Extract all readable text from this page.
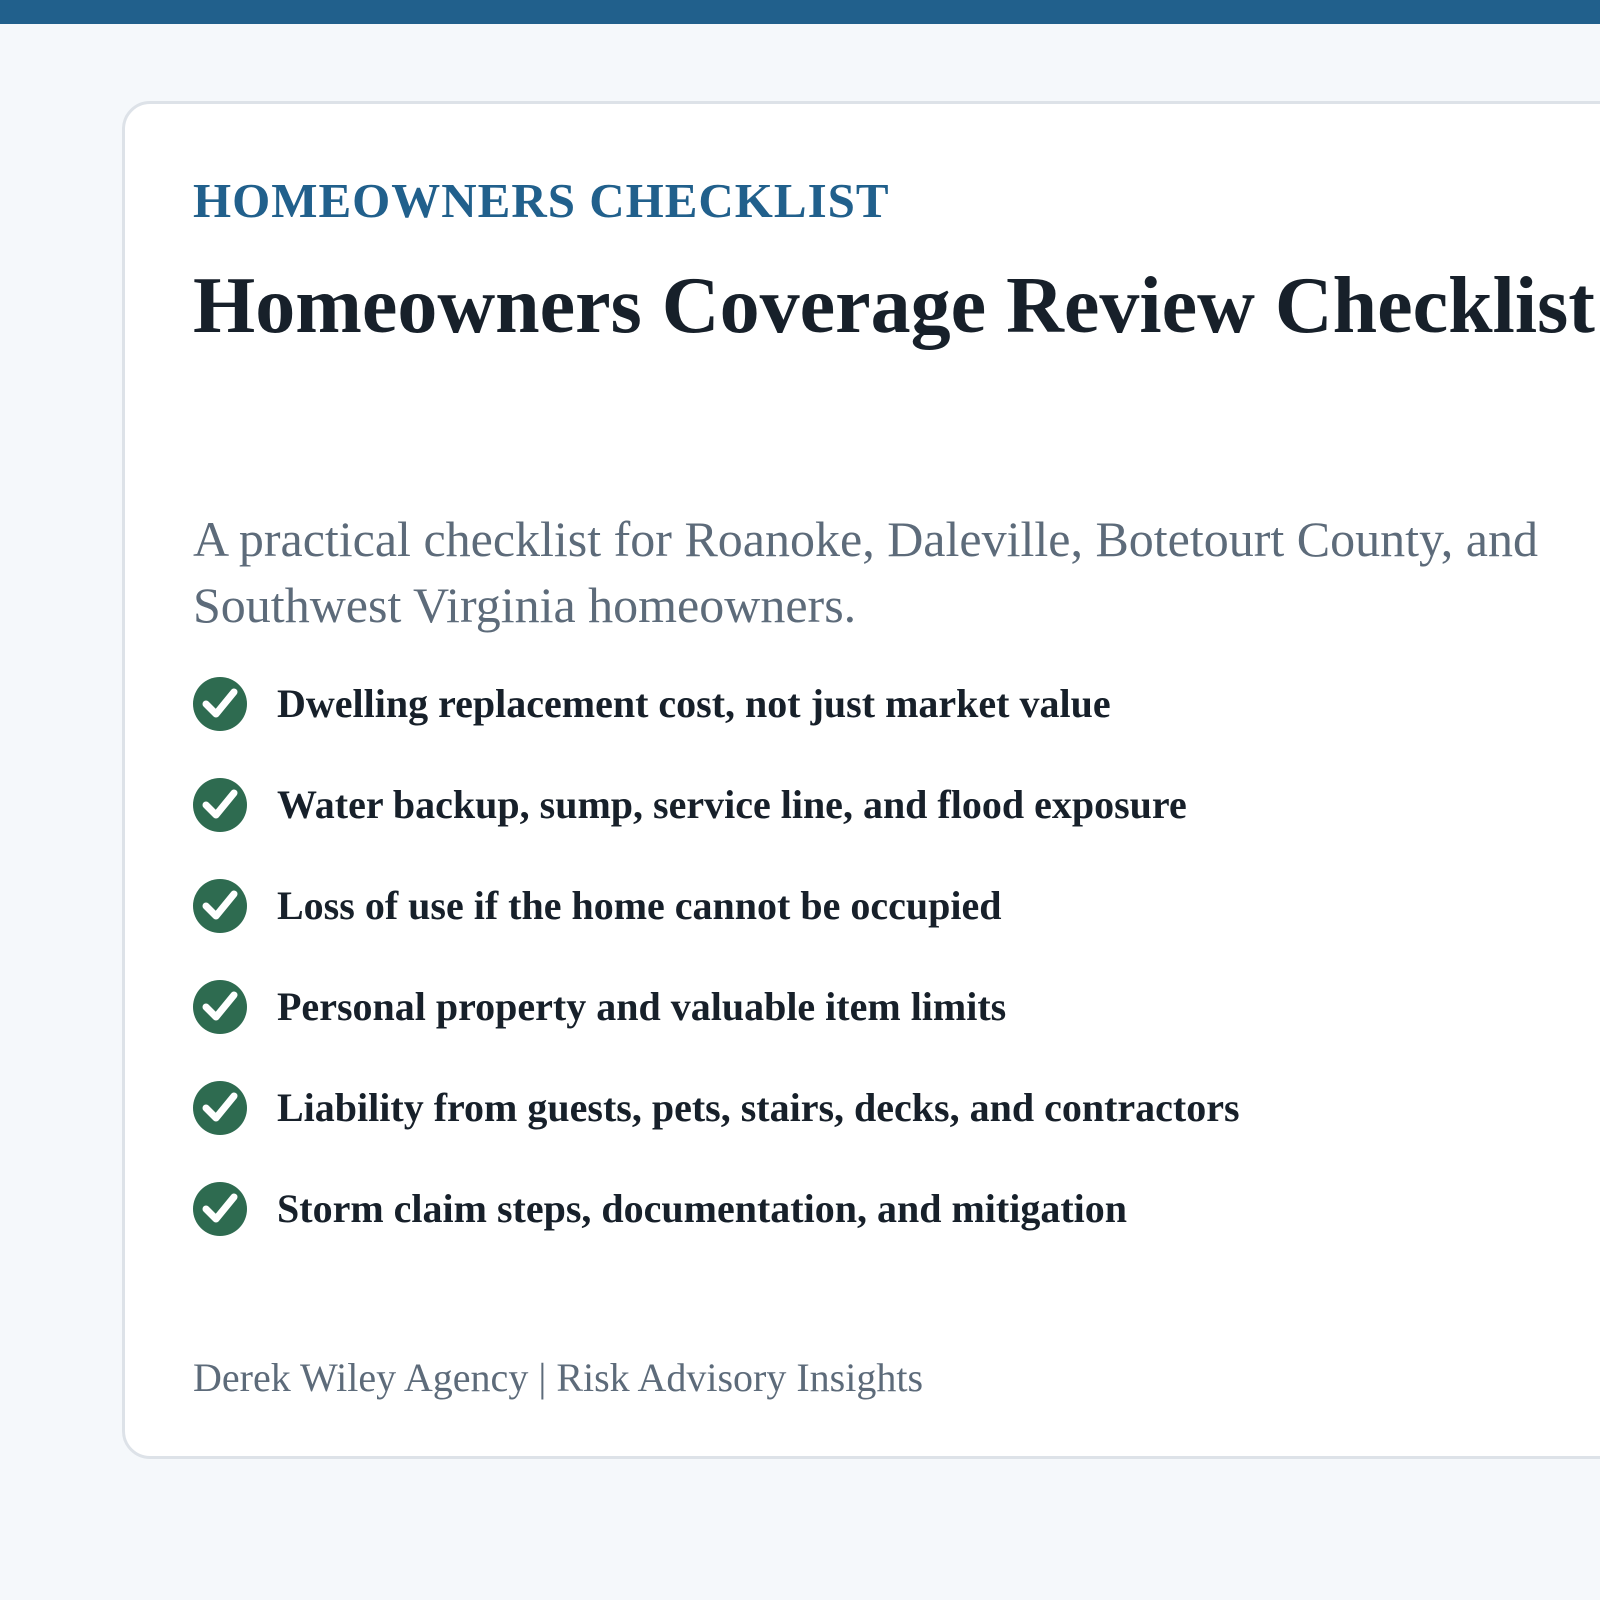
HOMEOWNERS CHECKLIST
Homeowners Coverage Review Checklist

A practical checklist for Roanoke, Daleville, Botetourt County, and Southwest Virginia homeowners.

Dwelling replacement cost, not just market value
Water backup, sump, service line, and flood exposure
Loss of use if the home cannot be occupied
Personal property and valuable item limits
Liability from guests, pets, stairs, decks, and contractors
Storm claim steps, documentation, and mitigation

Derek Wiley Agency | Risk Advisory Insights
